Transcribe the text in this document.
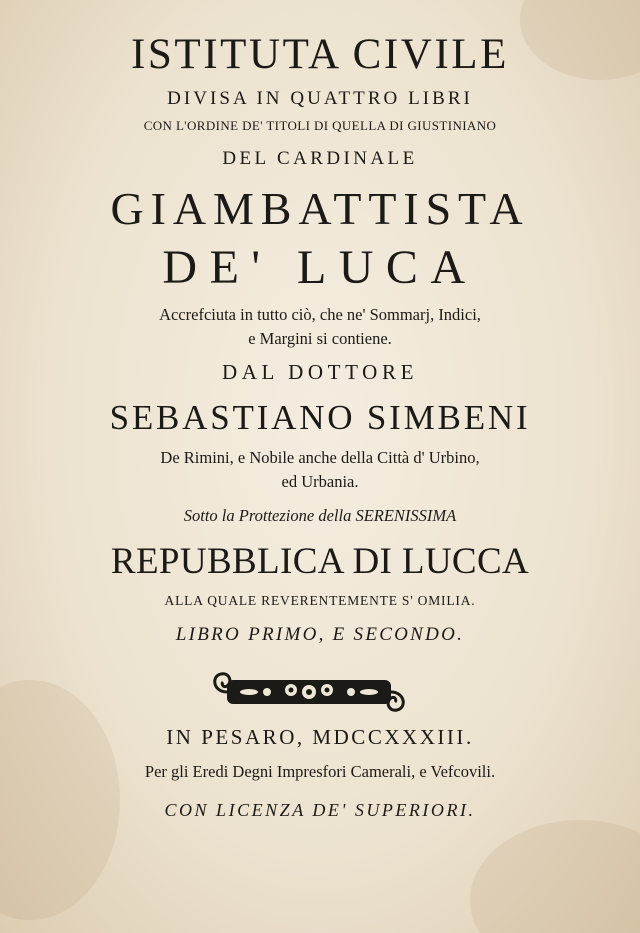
ISTITUTA CIVILE
DIVISA IN QUATTRO LIBRI
CON L'ORDINE DE' TITOLI DI QUELLA DI GIUSTINIANO
DEL CARDINALE
GIAMBATTISTA
DE' LUCA
Accrefciuta in tutto ciò, che ne' Sommarj, Indici,
e Margini si contiene.
DAL DOTTORE
SEBASTIANO SIMBENI
De Rimini, e Nobile anche della Città d' Urbino,
ed Urbania.
Sotto la Prottezione della SERENISSIMA
REPUBBLICA DI LUCCA
ALLA QUALE REVERENTEMENTE S' OMILIA.
LIBRO PRIMO, E SECONDO.
IN PESARO, MDCCXXXIII.
Per gli Eredi Degni Impresfori Camerali, e Vefcovili.
CON LICENZA DE' SUPERIORI.
